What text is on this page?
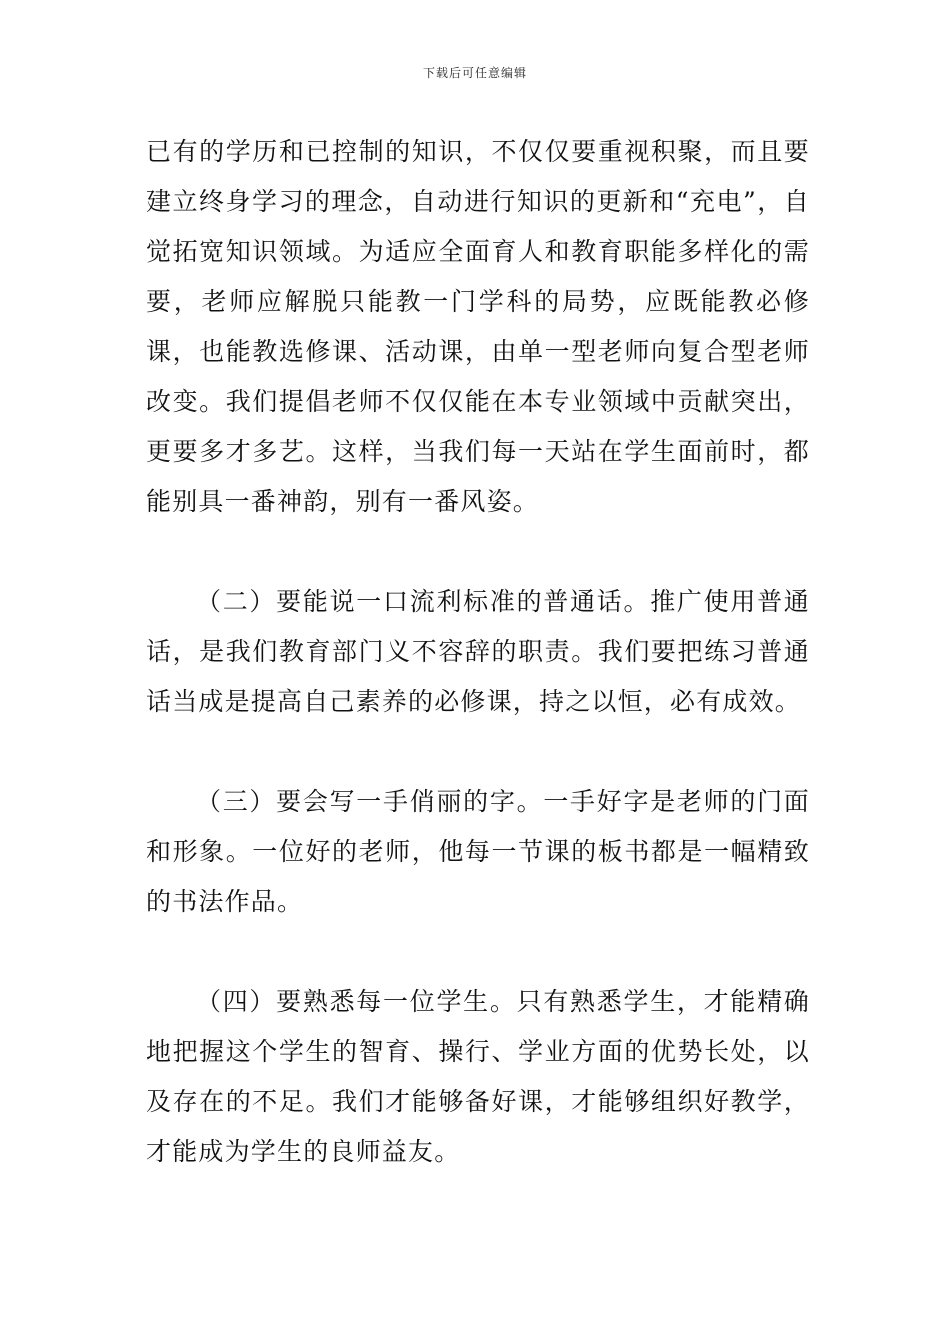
下载后可任意编辑

已有的学历和已控制的知识，不仅仅要重视积聚，而且要建立终身学习的理念，自动进行知识的更新和“充电”，自觉拓宽知识领域。为适应全面育人和教育职能多样化的需要，老师应解脱只能教一门学科的局势，应既能教必修课，也能教选修课、活动课，由单一型老师向复合型老师改变。我们提倡老师不仅仅能在本专业领域中贡献突出，更要多才多艺。这样，当我们每一天站在学生面前时，都能别具一番神韵，别有一番风姿。

（二）要能说一口流利标准的普通话。推广使用普通话，是我们教育部门义不容辞的职责。我们要把练习普通话当成是提高自己素养的必修课，持之以恒，必有成效。

（三）要会写一手俏丽的字。一手好字是老师的门面和形象。一位好的老师，他每一节课的板书都是一幅精致的书法作品。

（四）要熟悉每一位学生。只有熟悉学生，才能精确地把握这个学生的智育、操行、学业方面的优势长处，以及存在的不足。我们才能够备好课，才能够组织好教学，才能成为学生的良师益友。
